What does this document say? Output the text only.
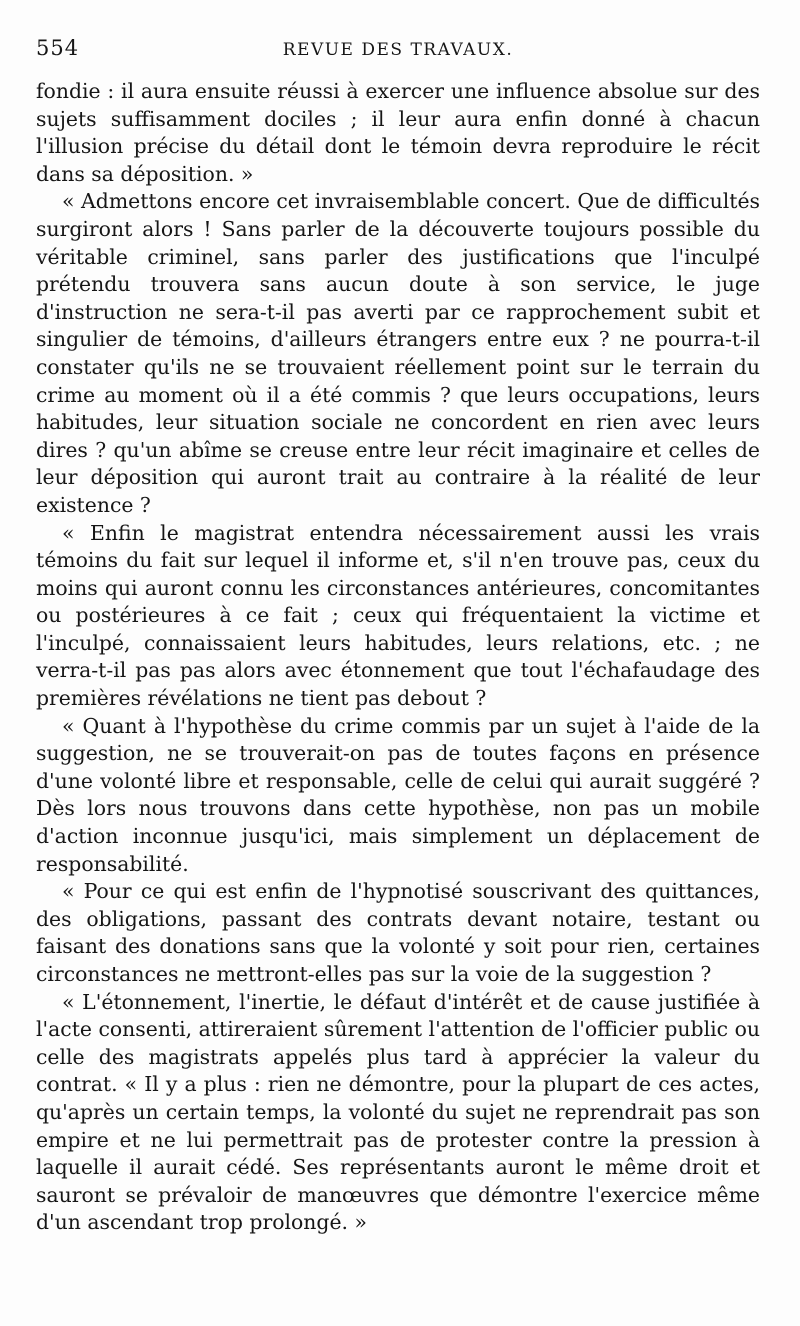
554	REVUE DES TRAVAUX.

fondie : il aura ensuite réussi à exercer une influence absolue sur des sujets suffisamment dociles ; il leur aura enfin donné à chacun l'illusion précise du détail dont le témoin devra reproduire le récit dans sa déposition. »

« Admettons encore cet invraisemblable concert. Que de difficultés surgiront alors ! Sans parler de la découverte toujours possible du véritable criminel, sans parler des justifications que l'inculpé prétendu trouvera sans aucun doute à son service, le juge d'instruction ne sera-t-il pas averti par ce rapprochement subit et singulier de témoins, d'ailleurs étrangers entre eux ? ne pourra-t-il constater qu'ils ne se trouvaient réellement point sur le terrain du crime au moment où il a été commis ? que leurs occupations, leurs habitudes, leur situation sociale ne concordent en rien avec leurs dires ? qu'un abîme se creuse entre leur récit imaginaire et celles de leur déposition qui auront trait au contraire à la réalité de leur existence ?

« Enfin le magistrat entendra nécessairement aussi les vrais témoins du fait sur lequel il informe et, s'il n'en trouve pas, ceux du moins qui auront connu les circonstances antérieures, concomitantes ou postérieures à ce fait ; ceux qui fréquentaient la victime et l'inculpé, connaissaient leurs habitudes, leurs relations, etc. ; ne verra-t-il pas pas alors avec étonnement que tout l'échafaudage des premières révélations ne tient pas debout ?

« Quant à l'hypothèse du crime commis par un sujet à l'aide de la suggestion, ne se trouverait-on pas de toutes façons en présence d'une volonté libre et responsable, celle de celui qui aurait suggéré ? Dès lors nous trouvons dans cette hypothèse, non pas un mobile d'action inconnue jusqu'ici, mais simplement un déplacement de responsabilité.

« Pour ce qui est enfin de l'hypnotisé souscrivant des quittances, des obligations, passant des contrats devant notaire, testant ou faisant des donations sans que la volonté y soit pour rien, certaines circonstances ne mettront-elles pas sur la voie de la suggestion ?

« L'étonnement, l'inertie, le défaut d'intérêt et de cause justifiée à l'acte consenti, attireraient sûrement l'attention de l'officier public ou celle des magistrats appelés plus tard à apprécier la valeur du contrat. « Il y a plus : rien ne démontre, pour la plupart de ces actes, qu'après un certain temps, la volonté du sujet ne reprendrait pas son empire et ne lui permettrait pas de protester contre la pression à laquelle il aurait cédé. Ses représentants auront le même droit et sauront se prévaloir de manœuvres que démontre l'exercice même d'un ascendant trop prolongé. »
